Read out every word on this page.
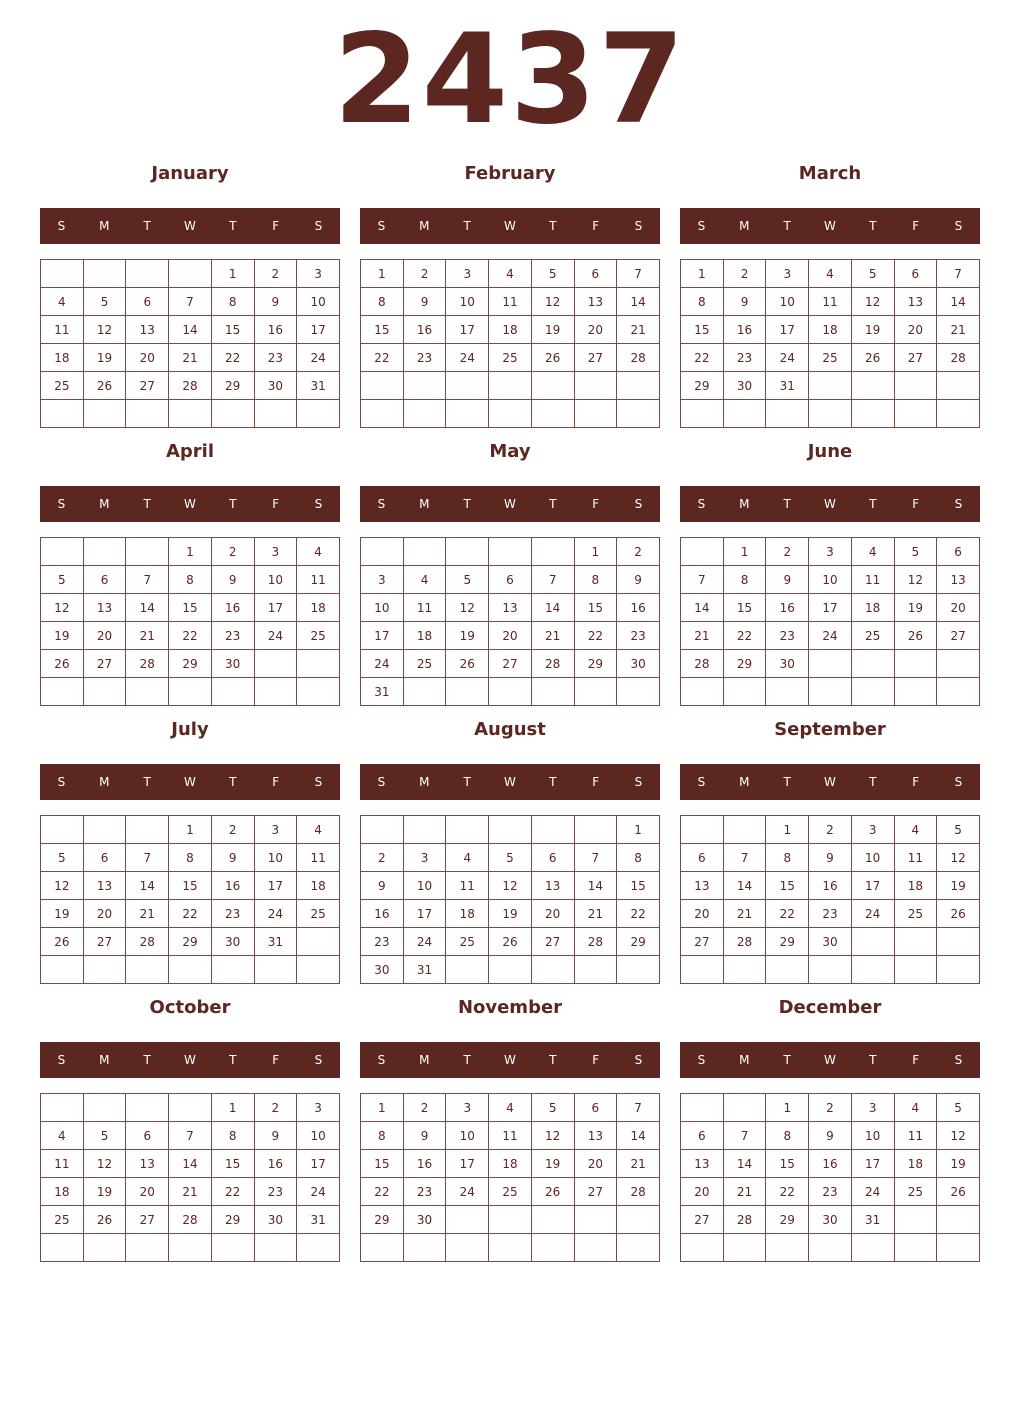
2437
January
S	M	T	W	T	F	S
				1	2	3
4	5	6	7	8	9	10
11	12	13	14	15	16	17
18	19	20	21	22	23	24
25	26	27	28	29	30	31

February
S	M	T	W	T	F	S
1	2	3	4	5	6	7
8	9	10	11	12	13	14
15	16	17	18	19	20	21
22	23	24	25	26	27	28

March
S	M	T	W	T	F	S
1	2	3	4	5	6	7
8	9	10	11	12	13	14
15	16	17	18	19	20	21
22	23	24	25	26	27	28
29	30	31				

April
S	M	T	W	T	F	S
			1	2	3	4
5	6	7	8	9	10	11
12	13	14	15	16	17	18
19	20	21	22	23	24	25
26	27	28	29	30		

May
S	M	T	W	T	F	S
					1	2
3	4	5	6	7	8	9
10	11	12	13	14	15	16
17	18	19	20	21	22	23
24	25	26	27	28	29	30
31						
June
S	M	T	W	T	F	S
	1	2	3	4	5	6
7	8	9	10	11	12	13
14	15	16	17	18	19	20
21	22	23	24	25	26	27
28	29	30				

July
S	M	T	W	T	F	S
			1	2	3	4
5	6	7	8	9	10	11
12	13	14	15	16	17	18
19	20	21	22	23	24	25
26	27	28	29	30	31	

August
S	M	T	W	T	F	S
						1
2	3	4	5	6	7	8
9	10	11	12	13	14	15
16	17	18	19	20	21	22
23	24	25	26	27	28	29
30	31					
September
S	M	T	W	T	F	S
		1	2	3	4	5
6	7	8	9	10	11	12
13	14	15	16	17	18	19
20	21	22	23	24	25	26
27	28	29	30			

October
S	M	T	W	T	F	S
				1	2	3
4	5	6	7	8	9	10
11	12	13	14	15	16	17
18	19	20	21	22	23	24
25	26	27	28	29	30	31

November
S	M	T	W	T	F	S
1	2	3	4	5	6	7
8	9	10	11	12	13	14
15	16	17	18	19	20	21
22	23	24	25	26	27	28
29	30					

December
S	M	T	W	T	F	S
		1	2	3	4	5
6	7	8	9	10	11	12
13	14	15	16	17	18	19
20	21	22	23	24	25	26
27	28	29	30	31		
